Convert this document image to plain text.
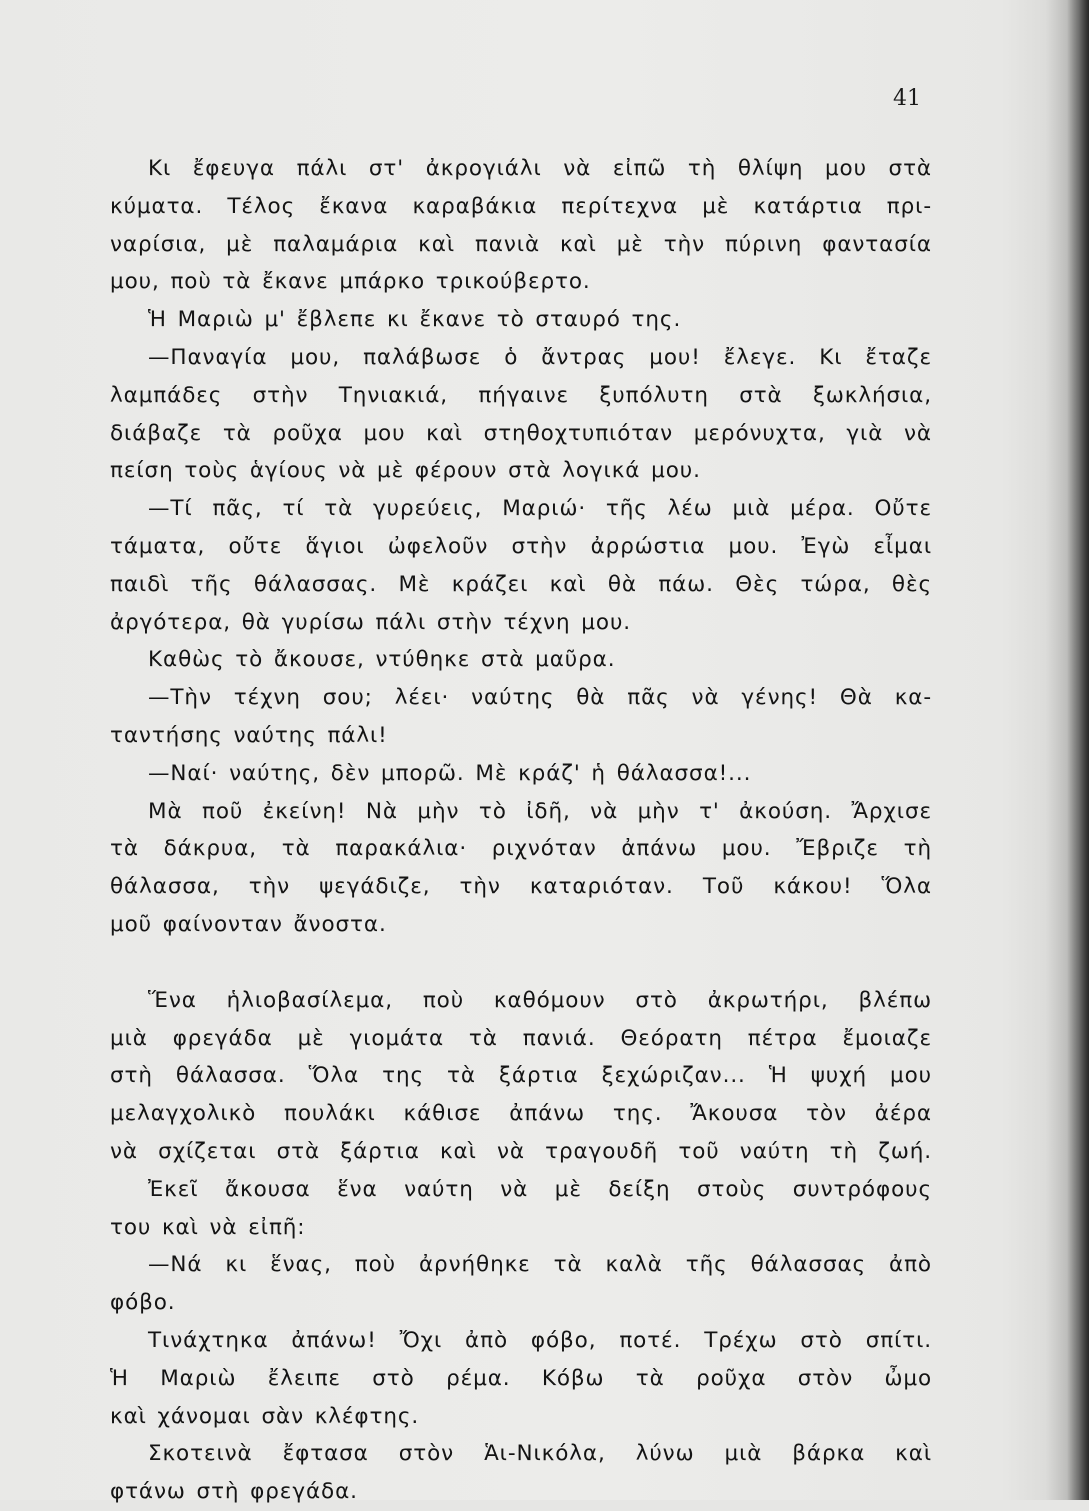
41
Κι ἔφευγα πάλι στ' ἀκρογιάλι νὰ εἰπῶ τὴ θλίψη μου στὰ
κύματα. Τέλος ἔκανα καραβάκια περίτεχνα μὲ κατάρτια πρι-
ναρίσια, μὲ παλαμάρια καὶ πανιὰ καὶ μὲ τὴν πύρινη φαντασία
μου, ποὺ τὰ ἔκανε μπάρκο τρικούβερτο.
Ἡ Μαριὼ μ' ἔβλεπε κι ἔκανε τὸ σταυρό της.
—Παναγία μου, παλάβωσε ὁ ἄντρας μου! ἔλεγε. Κι ἔταζε
λαμπάδες στὴν Τηνιακιά, πήγαινε ξυπόλυτη στὰ ξωκλήσια,
διάβαζε τὰ ροῦχα μου καὶ στηθοχτυπιόταν μερόνυχτα, γιὰ νὰ
πείση τοὺς ἁγίους νὰ μὲ φέρουν στὰ λογικά μου.
—Τί πᾶς, τί τὰ γυρεύεις, Μαριώ· τῆς λέω μιὰ μέρα. Οὔτε
τάματα, οὔτε ἅγιοι ὠφελοῦν στὴν ἀρρώστια μου. Ἐγὼ εἶμαι
παιδὶ τῆς θάλασσας. Μὲ κράζει καὶ θὰ πάω. Θὲς τώρα, θὲς
ἀργότερα, θὰ γυρίσω πάλι στὴν τέχνη μου.
Καθὼς τὸ ἄκουσε, ντύθηκε στὰ μαῦρα.
—Τὴν τέχνη σου; λέει· ναύτης θὰ πᾶς νὰ γένης! Θὰ κα-
ταντήσης ναύτης πάλι!
—Ναί· ναύτης, δὲν μπορῶ. Μὲ κράζ' ἡ θάλασσα!...
Μὰ ποῦ ἐκείνη! Νὰ μὴν τὸ ἰδῆ, νὰ μὴν τ' ἀκούση. Ἄρχισε
τὰ δάκρυα, τὰ παρακάλια· ριχνόταν ἀπάνω μου. Ἔβριζε τὴ
θάλασσα, τὴν ψεγάδιζε, τὴν καταριόταν. Τοῦ κάκου! Ὅλα
μοῦ φαίνονταν ἄνοστα.
Ἕνα ἡλιοβασίλεμα, ποὺ καθόμουν στὸ ἀκρωτήρι, βλέπω
μιὰ φρεγάδα μὲ γιομάτα τὰ πανιά. Θεόρατη πέτρα ἔμοιαζε
στὴ θάλασσα. Ὅλα της τὰ ξάρτια ξεχώριζαν... Ἡ ψυχή μου
μελαγχολικὸ πουλάκι κάθισε ἀπάνω της. Ἄκουσα τὸν ἀέρα
νὰ σχίζεται στὰ ξάρτια καὶ νὰ τραγουδῆ τοῦ ναύτη τὴ ζωή.
Ἐκεῖ ἄκουσα ἕνα ναύτη νὰ μὲ δείξη στοὺς συντρόφους
του καὶ νὰ εἰπῆ:
—Νά κι ἕνας, ποὺ ἀρνήθηκε τὰ καλὰ τῆς θάλασσας ἀπὸ
φόβο.
Τινάχτηκα ἀπάνω! Ὄχι ἀπὸ φόβο, ποτέ. Τρέχω στὸ σπίτι.
Ἡ Μαριὼ ἔλειπε στὸ ρέμα. Κόβω τὰ ροῦχα στὸν ὦμο
καὶ χάνομαι σὰν κλέφτης.
Σκοτεινὰ ἔφτασα στὸν Ἁι-Νικόλα, λύνω μιὰ βάρκα καὶ
φτάνω στὴ φρεγάδα.
